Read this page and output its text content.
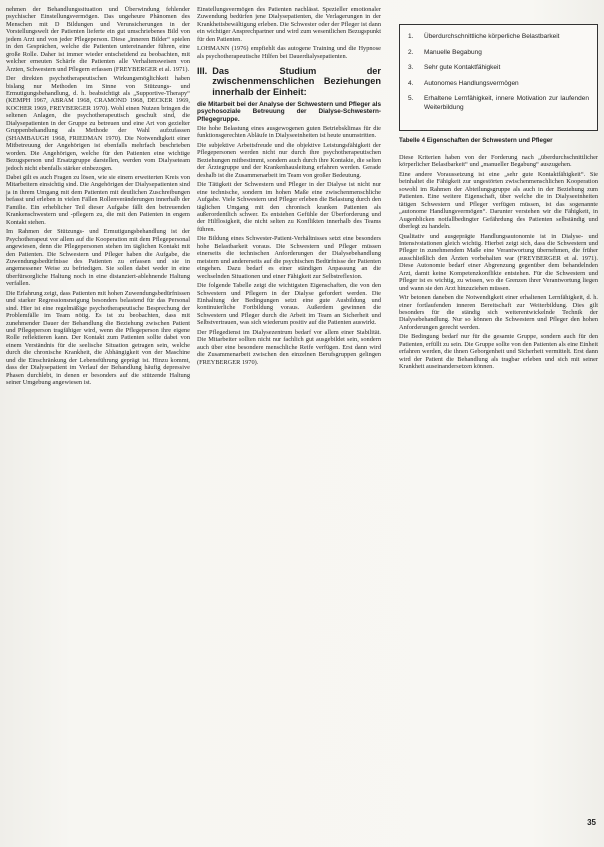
nehmen der Behandlungssituation und Überwindung fehlender psychischer Einstellungsvermögen. Das ungeheure Phänomen des Menschen mit D Bildungen und Verunsicherungen in der Vorstellungswelt der Patienten lieferte ein gut umschriebenes Bild von jedem Arzt und von jeder Pflegeperson. Diese „inneren Bilder“ spielen in den Gesprächen, welche die Patienten untereinander führen, eine große Rolle. Daher ist immer wieder entscheidend zu beobachten, mit welcher erneuten Schärfe die Patienten alle Verhaltensweisen von Ärzten, Schwestern und Pflegern erfassen (FREYBERGER et al. 1971).

Der direkten psychotherapeutischen Wirkungsmöglichkeit haben bislang nur Methoden im Sinne von Stützungs- und Ermutigungsbehandlung, d. h. beabsichtigt als „Supportive-Therapy“ (KEMPH 1967, ABRAM 1968, CRAMOND 1968, DECKER 1969, KOCHER 1969, FREYBERGER 1970). Wohl einen Nutzen bringen die seltenen Anlagen, die psychotherapeutisch geschult sind, die Dialysepatienten in der Gruppe zu betreuen und eine Art von gezielter Gruppenbehandlung als Methode der Wahl aufzufassen (SHAMBAUGH 1968, FRIEDMAN 1970). Die Notwendigkeit einer Mitbetreuung der Angehörigen ist ebenfalls mehrfach beschrieben worden. Die Angehörigen, welche für den Patienten eine wichtige Bezugsperson und Ersatzgruppe darstellen, werden vom Dialyseteam jedoch nicht ebenfalls stärker einbezogen.

Dabei gilt es auch Fragen zu lösen, wie sie einem erweiterten Kreis von Mitarbeitern einsichtig sind. Die Angehörigen der Dialysepatienten sind ja in ihrem Umgang mit dem Patienten mit deutlichen Zuschreibungen befasst und erleben in vielen Fällen Rollenveränderungen innerhalb der Familie. Ein erheblicher Teil dieser Aufgabe fällt den betreuenden Krankenschwestern und -pflegern zu, die mit den Patienten in engem Kontakt stehen.

Im Rahmen der Stützungs- und Ermutigungsbehandlung ist der Psychotherapeut vor allem auf die Kooperation mit dem Pflegepersonal angewiesen, denn die Pflegepersonen stehen im täglichen Kontakt mit den Patienten. Die Schwestern und Pfleger haben die Aufgabe, die Zuwendungsbedürfnisse des Patienten zu erfassen und sie in angemessener Weise zu befriedigen. Sie sollen dabei weder in eine überfürsorgliche Haltung noch in eine distanziert-ablehnende Haltung verfallen.

Die Erfahrung zeigt, dass Patienten mit hohen Zuwendungsbedürfnissen und starker Regressionsneigung besonders belastend für das Personal sind. Hier ist eine regelmäßige psychotherapeutische Besprechung der Problemfälle im Team nötig. Es ist zu beobachten, dass mit zunehmender Dauer der Behandlung die Beziehung zwischen Patient und Pflegeperson tragfähiger wird, wenn die Pflegeperson ihre eigene Rolle reflektieren kann. Der Kontakt zum Patienten sollte dabei von einem Verständnis für die seelische Situation getragen sein, welche durch die chronische Krankheit, die Abhängigkeit von der Maschine und die Einschränkung der Lebensführung geprägt ist. Hinzu kommt, dass der Dialysepatient im Verlauf der Behandlung häufig depressive Phasen durchlebt, in denen er besonders auf die stützende Haltung seiner Umgebung angewiesen ist.

Einstellungsvermögen des Patienten nachlässt. Spezieller emotionaler Zuwendung bedürfen jene Dialysepatienten, die Verlagerungen in der Krankheitsbewältigung erleben. Die Schwester oder der Pfleger ist dann ein wichtiger Ansprechpartner und wird zum wesentlichen Bezugspunkt für den Patienten.

LOHMANN (1976) empfiehlt das autogene Training und die Hypnose als psychotherapeutische Hilfen bei Dauerdialysepatienten.

III. Das Studium der zwischenmenschlichen Beziehungen innerhalb der Einheit:

die Mitarbeit bei der Analyse der Schwestern und Pfleger als psychosoziale Betreuung der Dialyse-Schwestern-Pflegegruppe.

Die hohe Belastung eines ausgewogenen guten Betriebsklimas für die funktionsgerechten Abläufe in Dialyseeinheiten ist heute unumstritten.

Die subjektive Arbeitsfreude und die objektive Leistungsfähigkeit der Pflegepersonen werden nicht nur durch ihre psychotherapeutischen Beziehungen mitbestimmt, sondern auch durch ihre Kontakte, die selten der Ärztegruppe und der Krankenhausleitung erfahren werden. Gerade deshalb ist die Zusammenarbeit im Team von großer Bedeutung.

Die Tätigkeit der Schwestern und Pfleger in der Dialyse ist nicht nur eine technische, sondern im hohen Maße eine zwischenmenschliche Aufgabe. Viele Schwestern und Pfleger erleben die Belastung durch den täglichen Umgang mit den chronisch kranken Patienten als außerordentlich schwer. Es entstehen Gefühle der Überforderung und der Hilflosigkeit, die nicht selten zu Konflikten innerhalb des Teams führen.

Die Bildung eines Schwester-Patient-Verhältnisses setzt eine besonders hohe Belastbarkeit voraus. Die Schwestern und Pfleger müssen einerseits die technischen Anforderungen der Dialysebehandlung meistern und andererseits auf die psychischen Bedürfnisse der Patienten eingehen. Dazu bedarf es einer ständigen Anpassung an die wechselnden Situationen und einer Fähigkeit zur Selbstreflexion.

Die folgende Tabelle zeigt die wichtigsten Eigenschaften, die von den Schwestern und Pflegern in der Dialyse gefordert werden. Die Einhaltung der Bedingungen setzt eine gute Ausbildung und kontinuierliche Fortbildung voraus. Außerdem gewinnen die Schwestern und Pfleger durch die Arbeit im Team an Sicherheit und Selbstvertrauen, was sich wiederum positiv auf die Patienten auswirkt.

Der Pflegedienst im Dialysezentrum bedarf vor allem einer Stabilität. Die Mitarbeiter sollten nicht nur fachlich gut ausgebildet sein, sondern auch über eine besondere menschliche Reife verfügen. Erst dann wird die Zusammenarbeit zwischen den einzelnen Berufsgruppen gelingen (FREYBERGER 1970).

1.	Überdurchschnittliche körperliche Belastbarkeit
2.	Manuelle Begabung
3.	Sehr gute Kontaktfähigkeit
4.	Autonomes Handlungsvermögen
5.	Erhaltene Lernfähigkeit, innere Motivation zur laufenden Weiterbildung
Tabelle 4 Eigenschaften der Schwestern und Pfleger

Diese Kriterien haben von der Forderung nach „überdurchschnittlicher körperlicher Belastbarkeit“ und „manueller Begabung“ auszugehen.

Eine andere Voraussetzung ist eine „sehr gute Kontaktfähigkeit“. Sie beinhaltet die Fähigkeit zur ungestörten zwischenmenschlichen Kooperation sowohl im Rahmen der Abteilungsgruppe als auch in der Beziehung zum Patienten. Eine weitere Eigenschaft, über welche die in Dialyseeinheiten tätigen Schwestern und Pfleger verfügen müssen, ist das sogenannte „autonome Handlungsvermögen“. Darunter verstehen wir die Fähigkeit, in Augenblicken notfallbedingter Gefährdung des Patienten selbständig und überlegt zu handeln.

Qualitativ und ausgeprägte Handlungsautonomie ist in Dialyse- und Intensivstationen gleich wichtig. Hierbei zeigt sich, dass die Schwestern und Pfleger in zunehmendem Maße eine Verantwortung übernehmen, die früher ausschließlich den Ärzten vorbehalten war (FREYBERGER et al. 1971). Diese Autonomie bedarf einer Abgrenzung gegenüber dem behandelnden Arzt, damit keine Kompetenzkonflikte entstehen. Für die Schwestern und Pfleger ist es wichtig, zu wissen, wo die Grenzen ihrer Verantwortung liegen und wann sie den Arzt hinzuziehen müssen.

Wir betonen daneben die Notwendigkeit einer erhaltenen Lernfähigkeit, d. h. einer fortlaufenden inneren Bereitschaft zur Weiterbildung. Dies gilt besonders für die ständig sich weiterentwickelnde Technik der Dialysebehandlung. Nur so können die Schwestern und Pfleger den hohen Anforderungen gerecht werden.

Die Bedingung bedarf nur für die gesamte Gruppe, sondern auch für den Patienten, erfüllt zu sein. Die Gruppe sollte von den Patienten als eine Einheit erfahren werden, die ihnen Geborgenheit und Sicherheit vermittelt. Erst dann wird der Patient die Behandlung als tragbar erleben und sich mit seiner Krankheit auseinandersetzen können.

35
